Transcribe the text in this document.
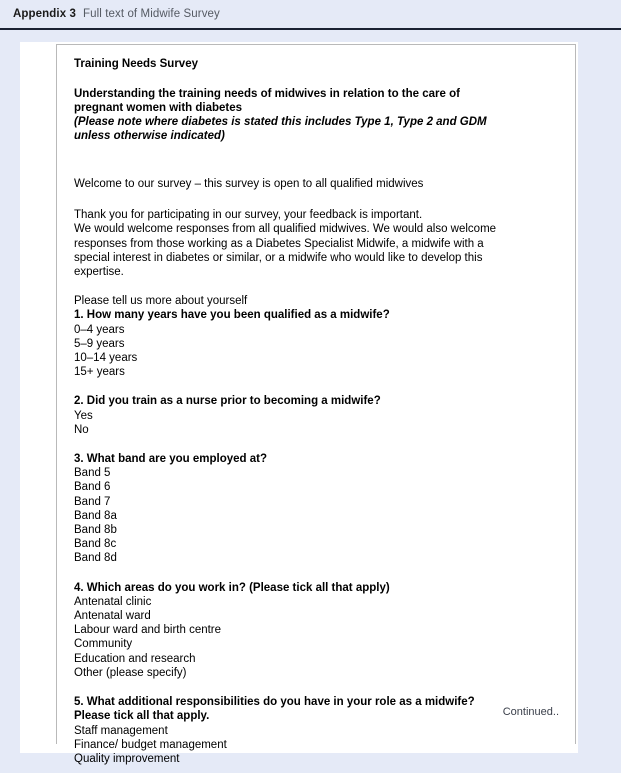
Appendix 3 Full text of Midwife Survey
Training Needs Survey
Understanding the training needs of midwives in relation to the care of
pregnant women with diabetes
(Please note where diabetes is stated this includes Type 1, Type 2 and GDM
unless otherwise indicated)
Welcome to our survey – this survey is open to all qualified midwives
Thank you for participating in our survey, your feedback is important.
We would welcome responses from all qualified midwives. We would also welcome
responses from those working as a Diabetes Specialist Midwife, a midwife with a
special interest in diabetes or similar, or a midwife who would like to develop this
expertise.
Please tell us more about yourself
1. How many years have you been qualified as a midwife?
0–4 years
5–9 years
10–14 years
15+ years
2. Did you train as a nurse prior to becoming a midwife?
Yes
No
3. What band are you employed at?
Band 5
Band 6
Band 7
Band 8a
Band 8b
Band 8c
Band 8d
4. Which areas do you work in? (Please tick all that apply)
Antenatal clinic
Antenatal ward
Labour ward and birth centre
Community
Education and research
Other (please specify)
5. What additional responsibilities do you have in your role as a midwife?
Please tick all that apply.
Staff management
Finance/ budget management
Quality improvement
Continued..
